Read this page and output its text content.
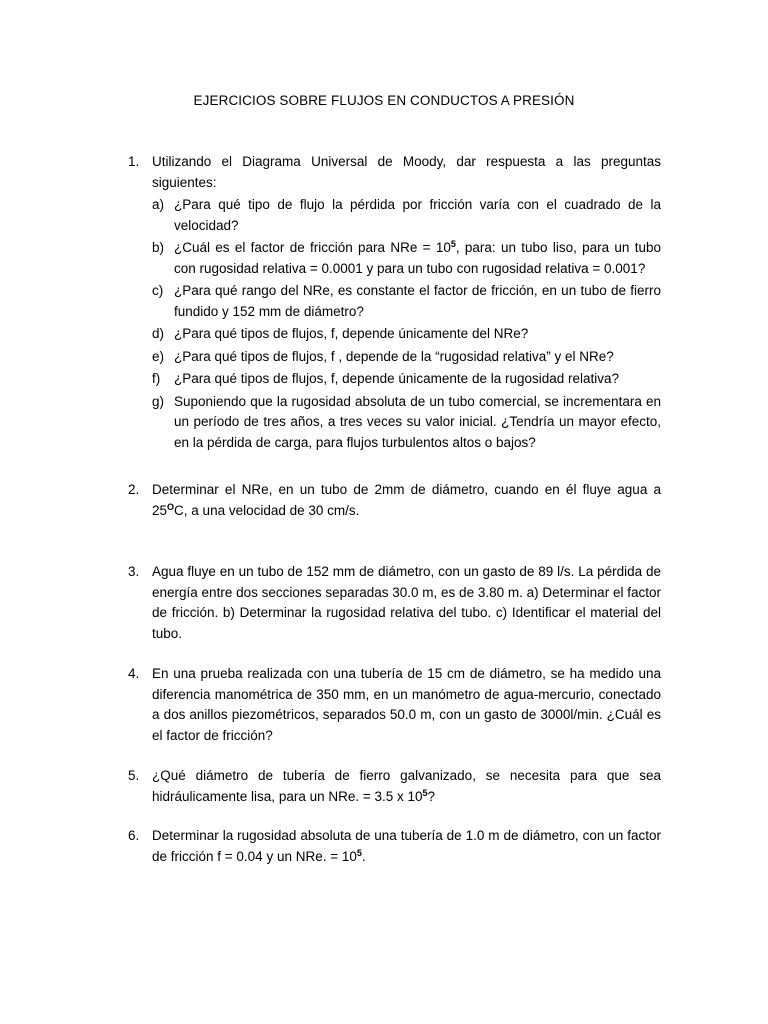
EJERCICIOS SOBRE FLUJOS EN CONDUCTOS A PRESIÓN
1. Utilizando el Diagrama Universal de Moody, dar respuesta a las preguntas siguientes:
a) ¿Para qué tipo de flujo la pérdida por fricción varía con el cuadrado de la velocidad?
b) ¿Cuál es el factor de fricción para NRe = $10^5$, para: un tubo liso, para un tubo con rugosidad relativa = 0.0001 y para un tubo con rugosidad relativa = 0.001?
c) ¿Para qué rango del NRe, es constante el factor de fricción, en un tubo de fierro fundido y 152 mm de diámetro?
d) ¿Para qué tipos de flujos, f, depende únicamente del NRe?
e) ¿Para qué tipos de flujos, f , depende de la “rugosidad relativa” y el NRe?
f)	¿Para qué tipos de flujos, f, depende únicamente de la rugosidad relativa?
g) Suponiendo que la rugosidad absoluta de un tubo comercial, se incrementara en un período de tres años, a tres veces su valor inicial. ¿Tendría un mayor efecto, en la pérdida de carga, para flujos turbulentos altos o bajos?
2. Determinar el NRe, en un tubo de 2mm de diámetro, cuando en él fluye agua a $25^OC$, a una velocidad de 30 cm/s.
3. Agua fluye en un tubo de 152 mm de diámetro, con un gasto de 89 l/s. La pérdida de energía entre dos secciones separadas 30.0 m, es de 3.80 m. a) Determinar el factor de fricción. b) Determinar la rugosidad relativa del tubo. c) Identificar el material del tubo.
4. En una prueba realizada con una tubería de 15 cm de diámetro, se ha medido una diferencia manométrica de 350 mm, en un manómetro de agua-mercurio, conectado a dos anillos piezométricos, separados 50.0 m, con un gasto de 3000l/min. ¿Cuál es el factor de fricción?
5. ¿Qué diámetro de tubería de fierro galvanizado, se necesita para que sea hidráulicamente lisa, para un NRe. = 3.5 x $10^5$?
6. Determinar la rugosidad absoluta de una tubería de 1.0 m de diámetro, con un factor de fricción f = 0.04 y un NRe. = $10^5$.
